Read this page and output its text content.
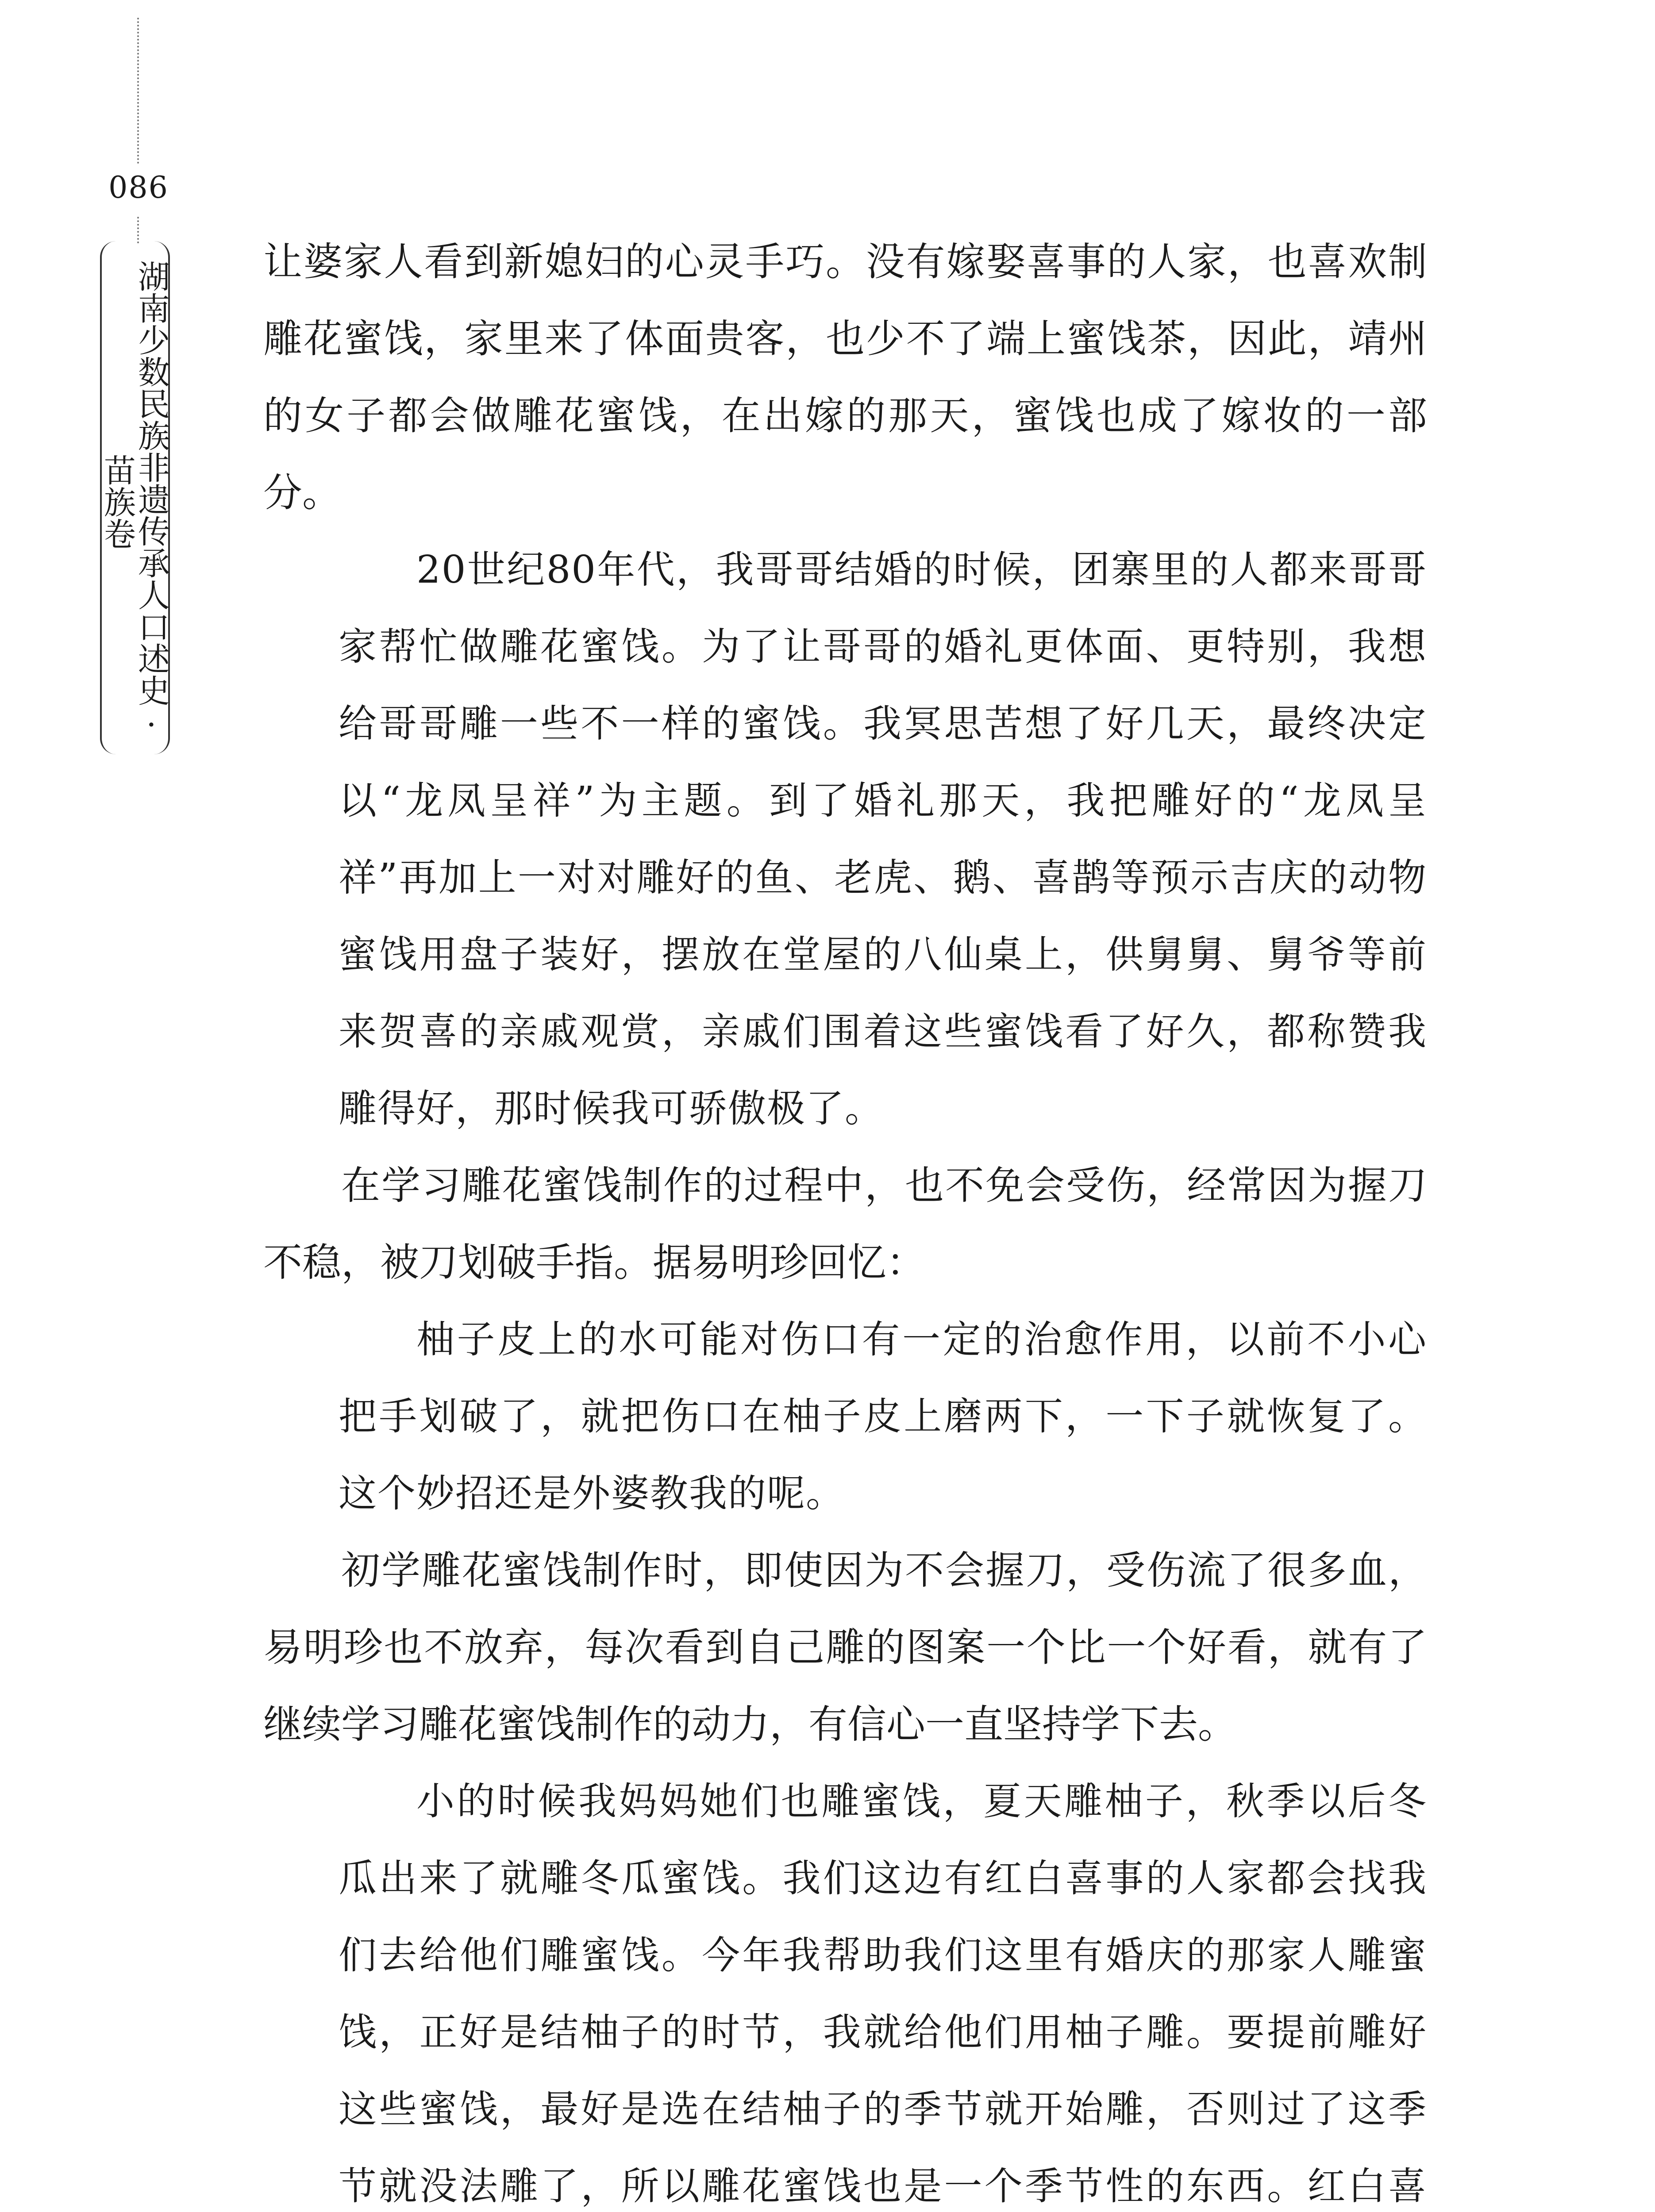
086
湖南少数民族非遗传承人口述史·苗族卷

让婆家人看到新媳妇的心灵手巧。没有嫁娶喜事的人家，也喜欢制雕花蜜饯，家里来了体面贵客，也少不了端上蜜饯茶，因此，靖州的女子都会做雕花蜜饯，在出嫁的那天，蜜饯也成了嫁妆的一部分。

20世纪80年代，我哥哥结婚的时候，团寨里的人都来哥哥家帮忙做雕花蜜饯。为了让哥哥的婚礼更体面、更特别，我想给哥哥雕一些不一样的蜜饯。我冥思苦想了好几天，最终决定以“龙凤呈祥”为主题。到了婚礼那天，我把雕好的“龙凤呈祥”再加上一对对雕好的鱼、老虎、鹅、喜鹊等预示吉庆的动物蜜饯用盘子装好，摆放在堂屋的八仙桌上，供舅舅、舅爷等前来贺喜的亲戚观赏，亲戚们围着这些蜜饯看了好久，都称赞我雕得好，那时候我可骄傲极了。

在学习雕花蜜饯制作的过程中，也不免会受伤，经常因为握刀不稳，被刀划破手指。据易明珍回忆：

柚子皮上的水可能对伤口有一定的治愈作用，以前不小心把手划破了，就把伤口在柚子皮上磨两下，一下子就恢复了。这个妙招还是外婆教我的呢。

初学雕花蜜饯制作时，即使因为不会握刀，受伤流了很多血，易明珍也不放弃，每次看到自己雕的图案一个比一个好看，就有了继续学习雕花蜜饯制作的动力，有信心一直坚持学下去。

小的时候我妈妈她们也雕蜜饯，夏天雕柚子，秋季以后冬瓜出来了就雕冬瓜蜜饯。我们这边有红白喜事的人家都会找我们去给他们雕蜜饯。今年我帮助我们这里有婚庆的那家人雕蜜饯，正好是结柚子的时节，我就给他们用柚子雕。要提前雕好这些蜜饯，最好是选在结柚子的季节就开始雕，否则过了这季节就没法雕了，所以雕花蜜饯也是一个季节性的东西。红白喜
